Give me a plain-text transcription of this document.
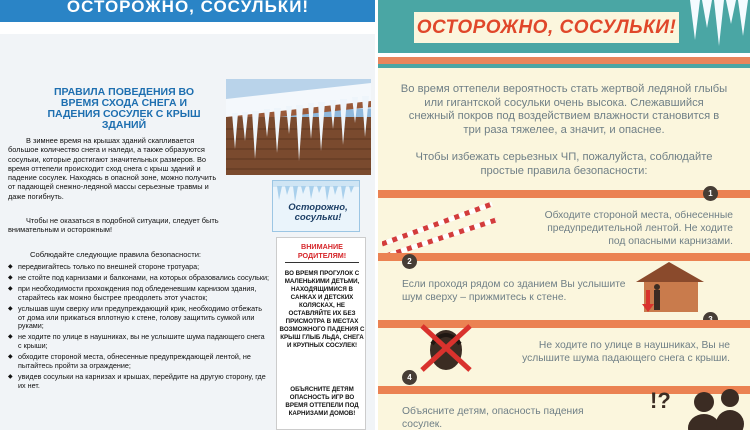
ОСТОРОЖНО, СОСУЛЬКИ!
ПРАВИЛА ПОВЕДЕНИЯ ВО ВРЕМЯ СХОДА СНЕГА И ПАДЕНИЯ СОСУЛЕК С КРЫШ ЗДАНИЙ

В зимнее время на крышах зданий скапливается большое количество снега и наледи, а также образуются сосульки, которые достигают значительных размеров. Во время оттепели происходит сход снега с крыш зданий и падение сосулек. Находясь в опасной зоне, можно получить от падающей снежно-ледяной массы серьезные травмы и даже погибнуть.

Осторожно, сосульки!
Чтобы не оказаться в подобной ситуации, следует быть внимательным и осторожным!
Соблюдайте следующие правила безопасности:
◆ передвигайтесь только по внешней стороне тротуара;
◆ не стойте под карнизами и балконами, на которых образовались сосульки;
◆ при необходимости прохождения под обледеневшим карнизом здания, старайтесь как можно быстрее преодолеть этот участок;
◆ услышав шум сверху или предупреждающий крик, необходимо отбежать от дома или прижаться вплотную к стене, голову защитить сумкой или руками;
◆ не ходите по улице в наушниках, вы не услышите шума падающего снега с крыши;
◆ обходите стороной места, обнесенные предупреждающей лентой, не пытайтесь пройти за ограждение;
◆ увидев сосульки на карнизах и крышах, перейдите на другую сторону, где их нет.
ВНИМАНИЕ РОДИТЕЛЯМ!
ВО ВРЕМЯ ПРОГУЛОК С МАЛЕНЬКИМИ ДЕТЬМИ, НАХОДЯЩИМИСЯ В САНКАХ И ДЕТСКИХ КОЛЯСКАХ, НЕ ОСТАВЛЯЙТЕ ИХ БЕЗ ПРИСМОТРА В МЕСТАХ ВОЗМОЖНОГО ПАДЕНИЯ С КРЫШ ГЛЫБ ЛЬДА, СНЕГА И КРУПНЫХ СОСУЛЕК!
ОБЪЯСНИТЕ ДЕТЯМ ОПАСНОСТЬ ИГР ВО ВРЕМЯ ОТТЕПЕЛИ ПОД КАРНИЗАМИ ДОМОВ!
ОСТОРОЖНО, СОСУЛЬКИ!
Во время оттепели вероятность стать жертвой ледяной глыбы или гигантской сосульки очень высока. Слежавшийся снежный покров под воздействием влажности становится в три раза тяжелее, а значит, и опаснее.
Чтобы избежать серьезных ЧП, пожалуйста, соблюдайте простые правила безопасности:
1
Обходите стороной места, обнесенные предупредительной лентой. Не ходите под опасными карнизами.
2
Если проходя рядом со зданием Вы услышите шум сверху – прижмитесь к стене.
Не ходите по улице в наушниках, Вы не услышите шума падающего снега с крыши.
4
Объясните детям, опасность падения сосулек.
!?
